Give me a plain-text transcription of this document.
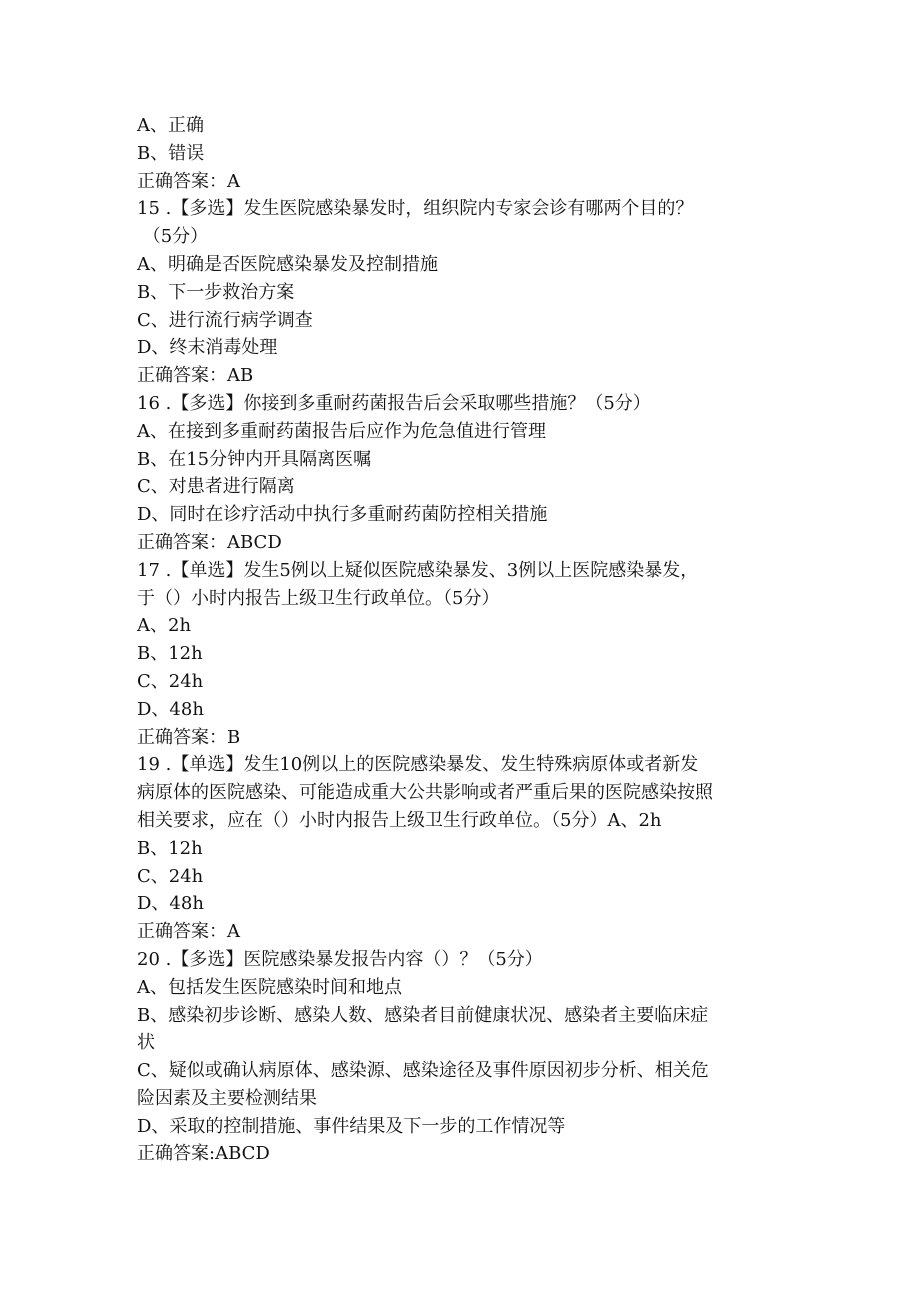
A、正确

B、错误

正确答案：A

15 .【多选】发生医院感染暴发时，组织院内专家会诊有哪两个目的？

（5分）

A、明确是否医院感染暴发及控制措施

B、下一步救治方案

C、进行流行病学调查

D、终末消毒处理

正确答案：AB

16 .【多选】你接到多重耐药菌报告后会采取哪些措施？（5分）

A、在接到多重耐药菌报告后应作为危急值进行管理

B、在15分钟内开具隔离医嘱

C、对患者进行隔离

D、同时在诊疗活动中执行多重耐药菌防控相关措施

正确答案：ABCD

17 .【单选】发生5例以上疑似医院感染暴发、3例以上医院感染暴发，

于（）小时内报告上级卫生行政单位。（5分）

A、2h

B、12h

C、24h

D、48h

正确答案：B

19 .【单选】发生10例以上的医院感染暴发、发生特殊病原体或者新发

病原体的医院感染、可能造成重大公共影响或者严重后果的医院感染按照

相关要求，应在（）小时内报告上级卫生行政单位。（5分）A、2h

B、12h

C、24h

D、48h

正确答案：A

20 .【多选】医院感染暴发报告内容（）？（5分）

A、包括发生医院感染时间和地点

B、感染初步诊断、感染人数、感染者目前健康状况、感染者主要临床症

状

C、疑似或确认病原体、感染源、感染途径及事件原因初步分析、相关危

险因素及主要检测结果

D、采取的控制措施、事件结果及下一步的工作情况等

正确答案:ABCD
